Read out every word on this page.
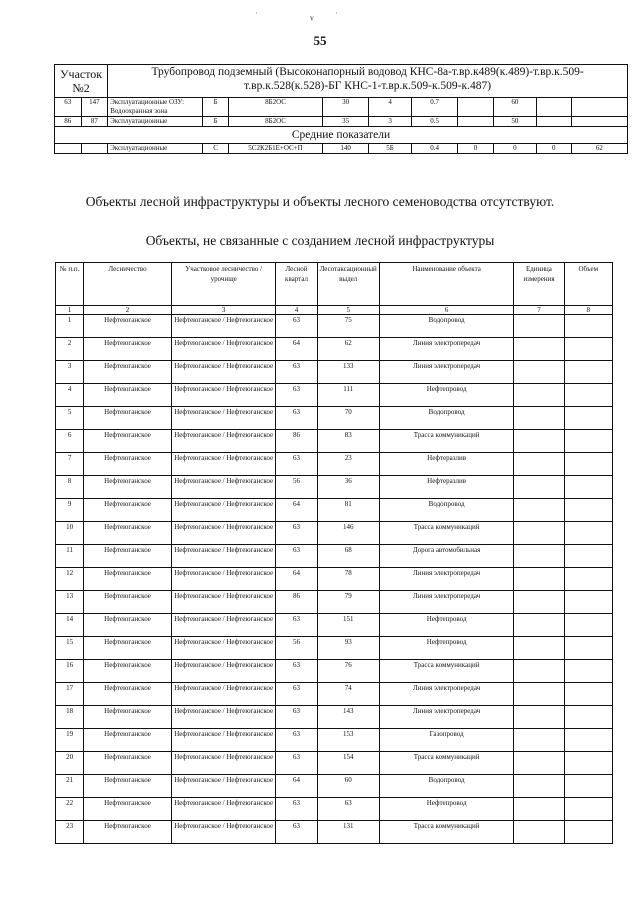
·	ᵛ ·
55
Участок №2		Трубопровод подземный (Высоконапорный водовод КНС-8а-т.вр.к489(к.489)-т.вр.к.509-т.вр.к.528(к.528)-БГ КНС-1-т.вр.к.509-к.509-к.487)									
63	147	Эксплуатационные ОЗУ: Водоохранная зона	Б	8Б2ОС	30	4	0.7		60		
86	87	Эксплуатационные	Б	8Б2ОС	35	3	0.5		50		
Средние показатели											
		Эксплуатационные	С	5С2К2Б1Е+ОС+П	140	5Б	0.4	0	0	0	62
Объекты лесной инфраструктуры и объекты лесного семеноводства отсутствуют.
Объекты, не связанные с созданием лесной инфраструктуры
№ п.п.	Лесничество	Участковое лесничество / урочище	Лесной квартал	Лесотаксационный выдел	Наименование объекта	Единица измерения	Объем
1	2	3	4	5	6	7	8
1	Нефтеюганское	Нефтеюганское / Нефтеюганское	63	75	Водопровод		
2	Нефтеюганское	Нефтеюганское / Нефтеюганское	64	62	Линия электропередач		
3	Нефтеюганское	Нефтеюганское / Нефтеюганское	63	133	Линия электропередач		
4	Нефтеюганское	Нефтеюганское / Нефтеюганское	63	111	Нефтепровод		
5	Нефтеюганское	Нефтеюганское / Нефтеюганское	63	70	Водопровод		
6	Нефтеюганское	Нефтеюганское / Нефтеюганское	86	83	Трасса коммуникаций		
7	Нефтеюганское	Нефтеюганское / Нефтеюганское	63	23	Нефтеразлив		
8	Нефтеюганское	Нефтеюганское / Нефтеюганское	56	36	Нефтеразлив		
9	Нефтеюганское	Нефтеюганское / Нефтеюганское	64	81	Водопровод		
10	Нефтеюганское	Нефтеюганское / Нефтеюганское	63	146	Трасса коммуникаций		
11	Нефтеюганское	Нефтеюганское / Нефтеюганское	63	68	Дорога автомобильная		
12	Нефтеюганское	Нефтеюганское / Нефтеюганское	64	78	Линия электропередач		
13	Нефтеюганское	Нефтеюганское / Нефтеюганское	86	79	Линия электропередач		
14	Нефтеюганское	Нефтеюганское / Нефтеюганское	63	151	Нефтепровод		
15	Нефтеюганское	Нефтеюганское / Нефтеюганское	56	93	Нефтепровод		
16	Нефтеюганское	Нефтеюганское / Нефтеюганское	63	76	Трасса коммуникаций		
17	Нефтеюганское	Нефтеюганское / Нефтеюганское	63	74	Линия электропередач		
18	Нефтеюганское	Нефтеюганское / Нефтеюганское	63	143	Линия электропередач		
19	Нефтеюганское	Нефтеюганское / Нефтеюганское	63	153	Газопровод		
20	Нефтеюганское	Нефтеюганское / Нефтеюганское	63	154	Трасса коммуникаций		
21	Нефтеюганское	Нефтеюганское / Нефтеюганское	64	60	Водопровод		
22	Нефтеюганское	Нефтеюганское / Нефтеюганское	63	63	Нефтепровод		
23	Нефтеюганское	Нефтеюганское / Нефтеюганское	63	131	Трасса коммуникаций		
